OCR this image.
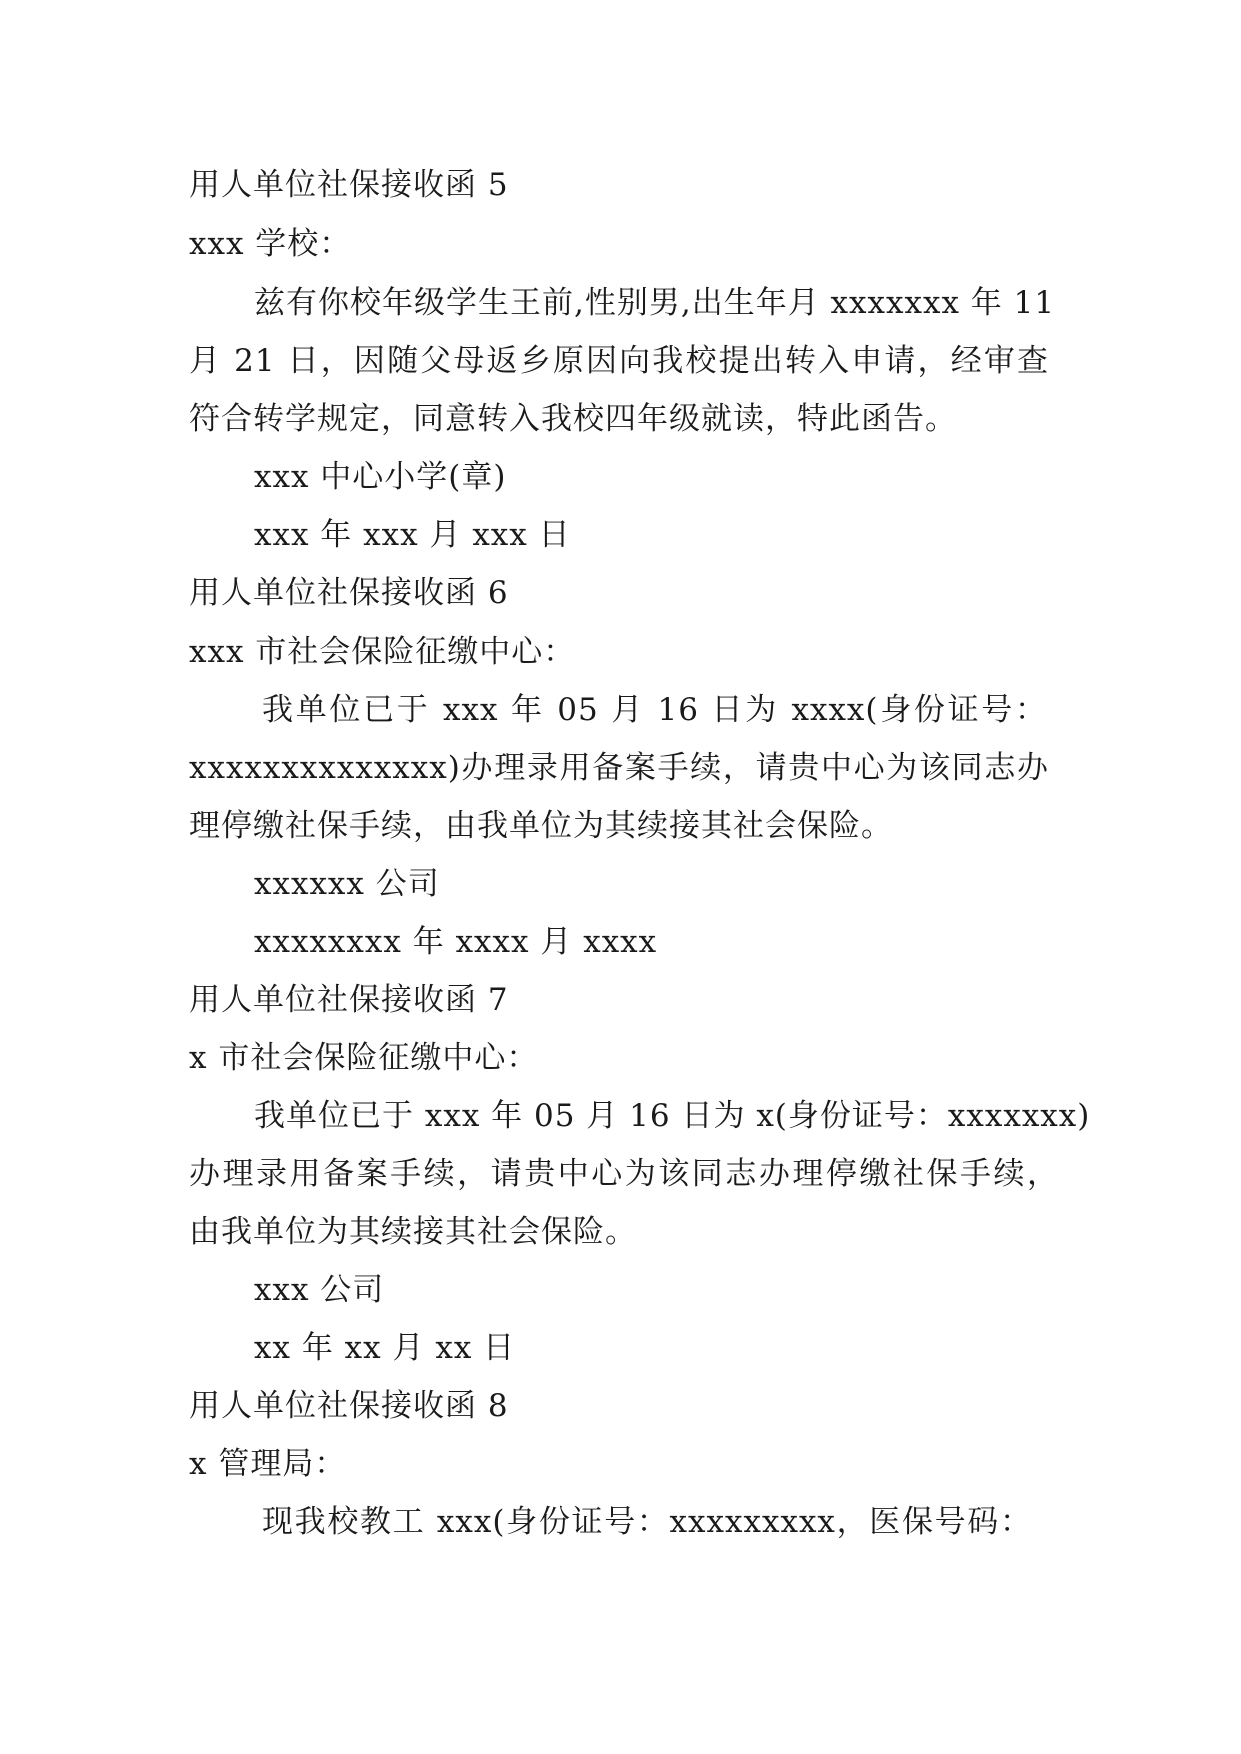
用人单位社保接收函 5
xxx 学校：
兹有你校年级学生王前,性别男,出生年月 xxxxxxx 年 11
月 21 日，因随父母返乡原因向我校提出转入申请，经审查
符合转学规定，同意转入我校四年级就读，特此函告。
xxx 中心小学(章)
xxx 年 xxx 月 xxx 日
用人单位社保接收函 6
xxx 市社会保险征缴中心：
我单位已于 xxx 年 05 月 16 日为 xxxx(身份证号：
xxxxxxxxxxxxxx)办理录用备案手续，请贵中心为该同志办
理停缴社保手续，由我单位为其续接其社会保险。
xxxxxx 公司
xxxxxxxx 年 xxxx 月 xxxx
用人单位社保接收函 7
x 市社会保险征缴中心：
我单位已于 xxx 年 05 月 16 日为 x(身份证号：xxxxxxx)
办理录用备案手续，请贵中心为该同志办理停缴社保手续，
由我单位为其续接其社会保险。
xxx 公司
xx 年 xx 月 xx 日
用人单位社保接收函 8
x 管理局：
现我校教工 xxx(身份证号：xxxxxxxxx，医保号码：
